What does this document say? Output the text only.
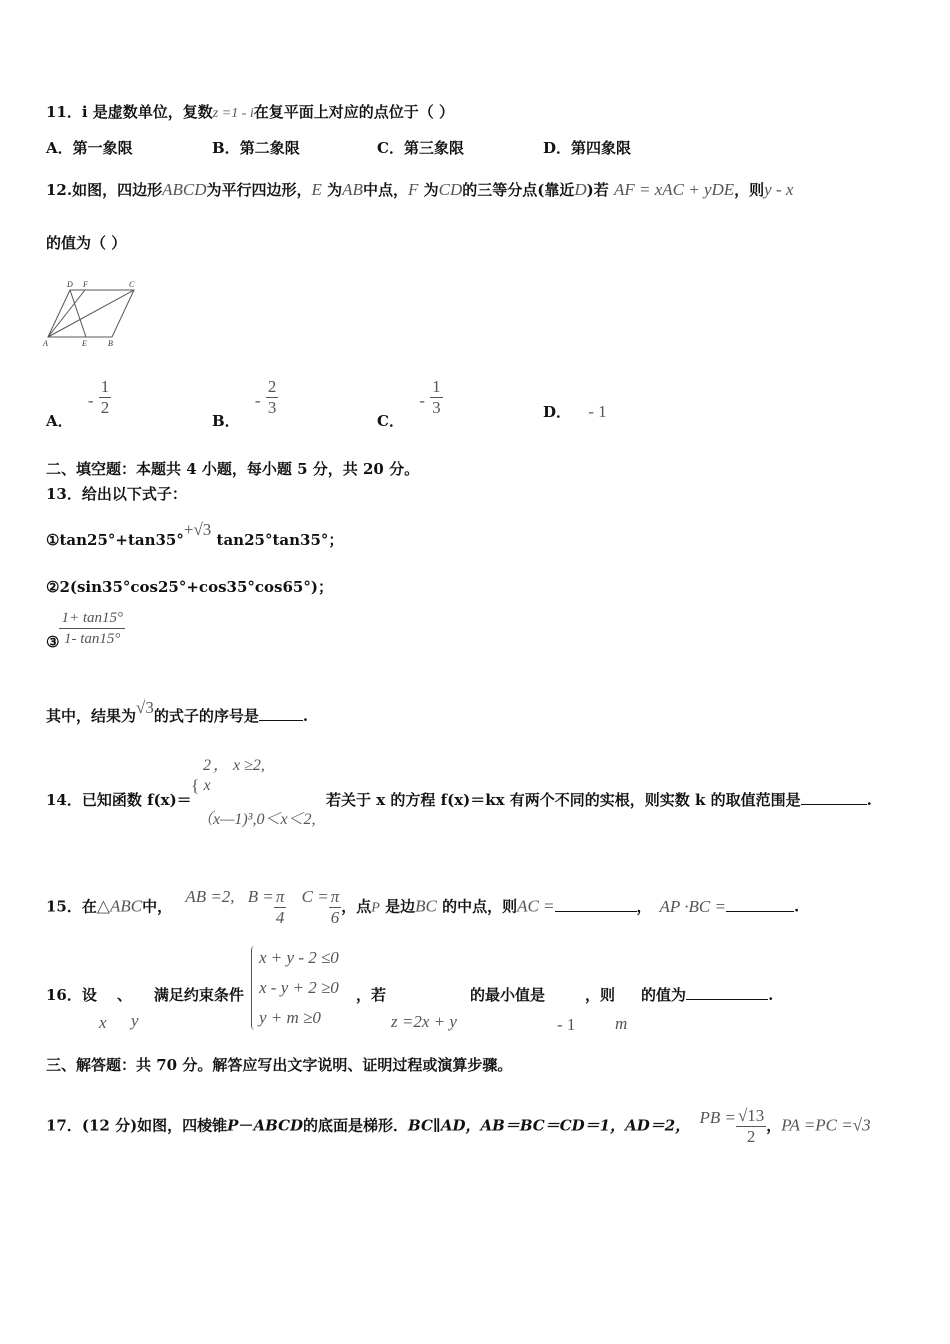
11．i 是虚数单位，复数z =1 - i在复平面上对应的点位于（ ）
A．第一象限	B．第二象限	C．第三象限	D．第四象限
12.如图，四边形ABCD为平行四边形，E 为AB中点，F 为CD的三等分点(靠近D)若 AF = xAC + yDE，则y - x
的值为（ ）
D F	C
A	E	B
A． - $\frac{1}{2}$
B． - $\frac{2}{3}$
C． - $\frac{1}{3}$	D． - 1
二、填空题：本题共 4 小题，每小题 5 分，共 20 分。
13．给出以下式子：
①tan25°+tan35°+√3 tan25°tan35°；
②2(sin35°cos25°+cos35°cos65°)；
③ $\frac{1+ \tan 15^\circ}{1- \tan 15^\circ}$
其中，结果为√3的式子的序号是	.
14．已知函数 f(x)＝
{
2
x
， x ≥2,
（x—1)³,0＜x＜2,
若关于 x 的方程 f(x)＝kx 有两个不同的实根，则实数 k 的取值范围是	.
15．在△ABC中， AB =2, $B = \frac{\pi}{4}$ $C = \frac{\pi}{6}$ ，点P 是边BC 的中点，则AC =	， AP ·BC =	.
16．设 、 满足约束条件
x y
x + y - 2 ≤0
x - y + 2 ≥0
y + m ≥0
，若	的最小值是	，则 的值为	.
z =2x + y	- 1 m
三、解答题：共 70 分。解答应写出文字说明、证明过程或演算步骤。
17．(12 分)如图，四棱锥P－ABCD的底面是梯形．BC∥AD，AB＝BC＝CD＝1，AD＝2， PB = $\frac{√13}{2}$ ，PA =PC =√3
